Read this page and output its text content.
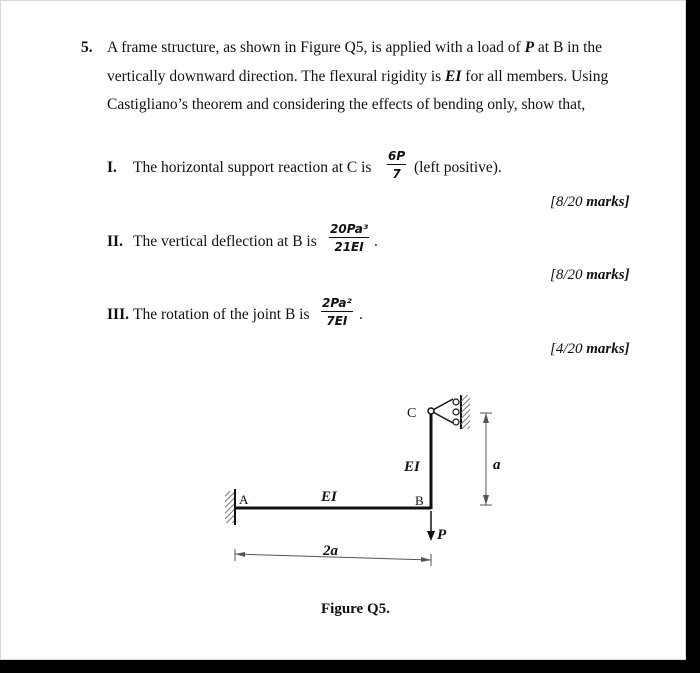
5. A frame structure, as shown in Figure Q5, is applied with a load of P at B in the
vertically downward direction. The flexural rigidity is EI for all members. Using
Castigliano’s theorem and considering the effects of bending only, show that,
I. The horizontal support reaction at C is $\frac{6P}{7}$ (left positive).
[8/20 marks]
II. The vertical deflection at B is $\frac{\text{20Pa³}}{21EI}$ .
[8/20 marks]
III. The rotation of the joint B is $\frac{\text{2Pa²}}{7EI}$ .
[4/20 marks]
A	B
C
EI
EI
2a
a
P
Figure Q5.
